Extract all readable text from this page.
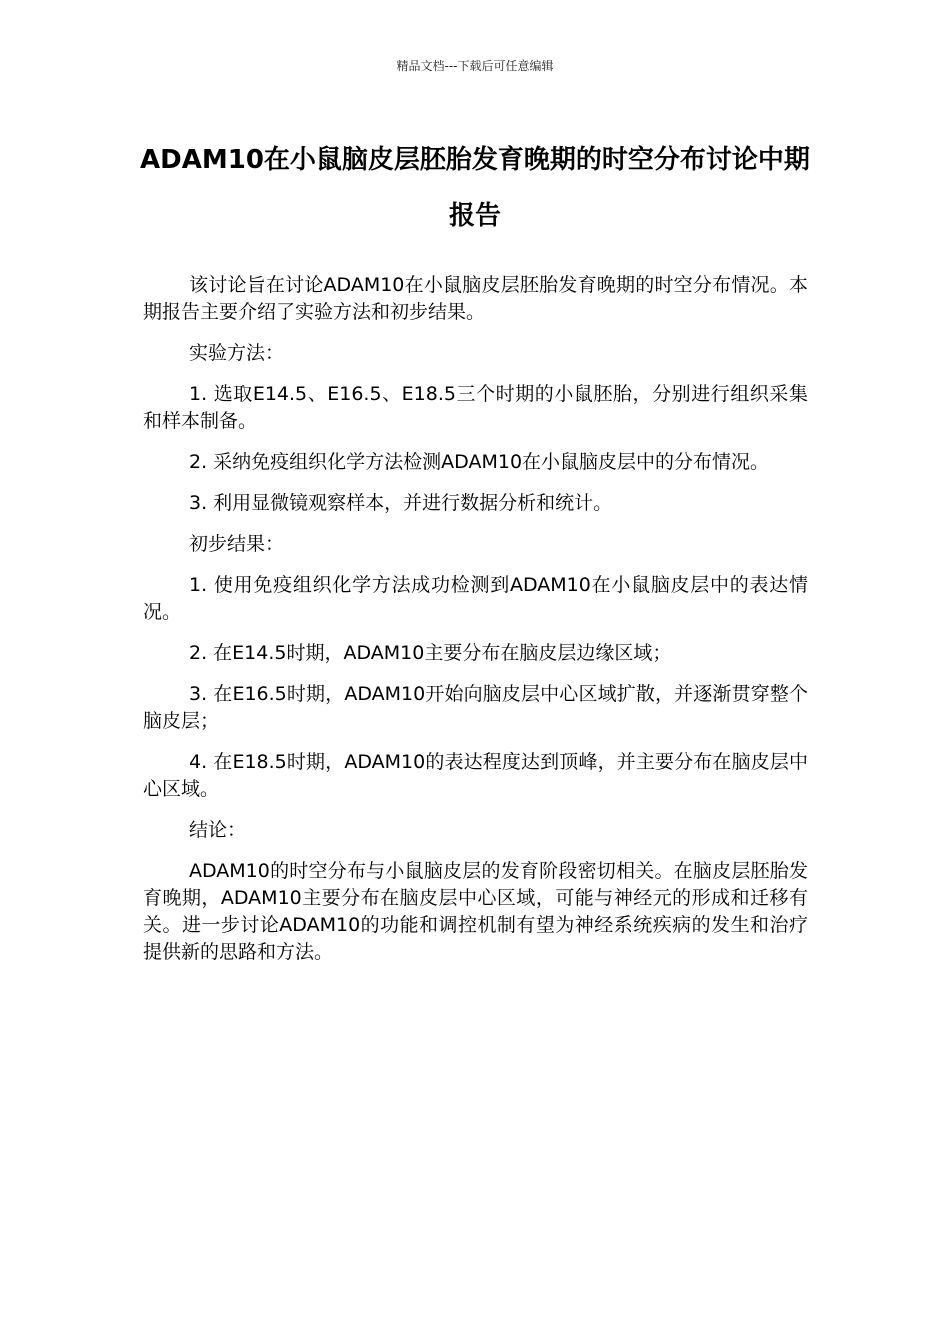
精品文档---下载后可任意编辑
ADAM10在小鼠脑皮层胚胎发育晚期的时空分布讨论中期报告

该讨论旨在讨论ADAM10在小鼠脑皮层胚胎发育晚期的时空分布情况。本期报告主要介绍了实验方法和初步结果。

实验方法：

1. 选取E14.5、E16.5、E18.5三个时期的小鼠胚胎，分别进行组织采集和样本制备。

2. 采纳免疫组织化学方法检测ADAM10在小鼠脑皮层中的分布情况。

3. 利用显微镜观察样本，并进行数据分析和统计。

初步结果：

1. 使用免疫组织化学方法成功检测到ADAM10在小鼠脑皮层中的表达情况。

2. 在E14.5时期，ADAM10主要分布在脑皮层边缘区域；

3. 在E16.5时期，ADAM10开始向脑皮层中心区域扩散，并逐渐贯穿整个脑皮层；

4. 在E18.5时期，ADAM10的表达程度达到顶峰，并主要分布在脑皮层中心区域。

结论：

ADAM10的时空分布与小鼠脑皮层的发育阶段密切相关。在脑皮层胚胎发育晚期，ADAM10主要分布在脑皮层中心区域，可能与神经元的形成和迁移有关。进一步讨论ADAM10的功能和调控机制有望为神经系统疾病的发生和治疗提供新的思路和方法。
